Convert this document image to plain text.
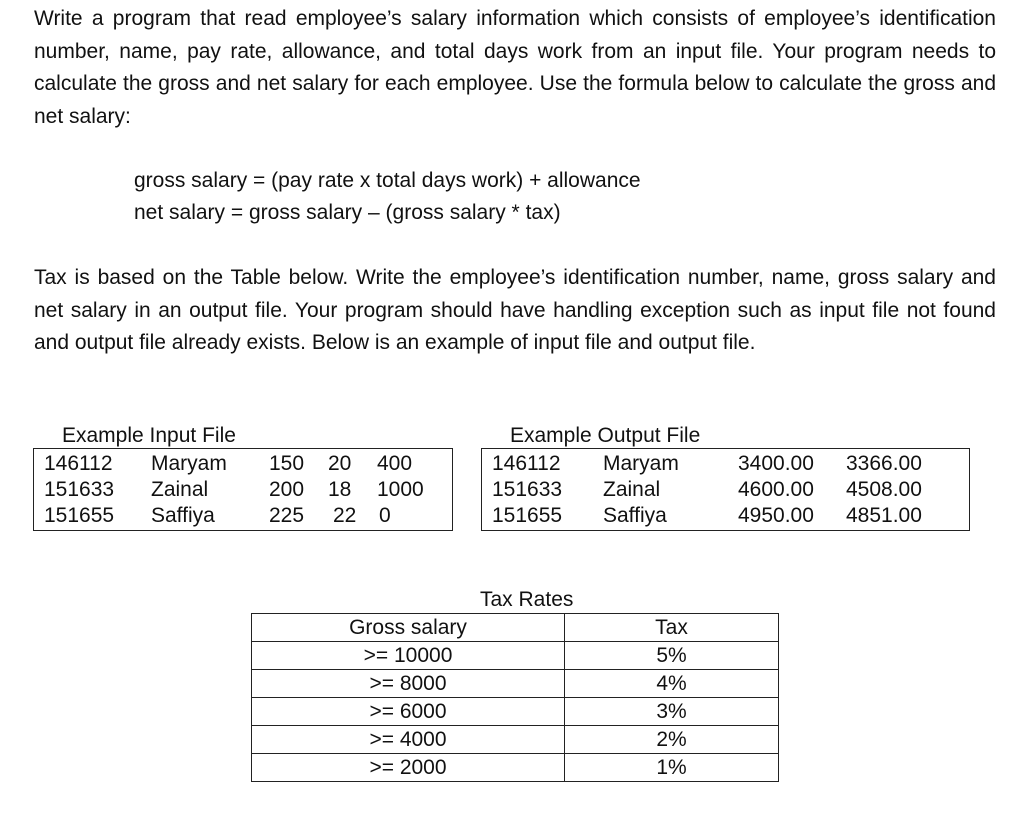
Write a program that read employee’s salary information which consists of employee’s identification number, name, pay rate, allowance, and total days work from an input file. Your program needs to calculate the gross and net salary for each employee. Use the formula below to calculate the gross and net salary:

gross salary = (pay rate x total days work) + allowance
net salary = gross salary – (gross salary * tax)

Tax is based on the Table below. Write the employee’s identification number, name, gross salary and net salary in an output file. Your program should have handling exception such as input file not found and output file already exists. Below is an example of input file and output file.

Example Input File
146112 Maryam 150 20 400
151633 Zainal	200 18 1000
151655 Saffiya	225 22 0
Example Output File
146112 Maryam	3400.00 3366.00
151633 Zainal	4600.00 4508.00
151655 Saffiya	4950.00 4851.00
Tax Rates
Gross salary	Tax
>= 10000	5%
>= 8000	4%
>= 6000	3%
>= 4000	2%
>= 2000	1%
